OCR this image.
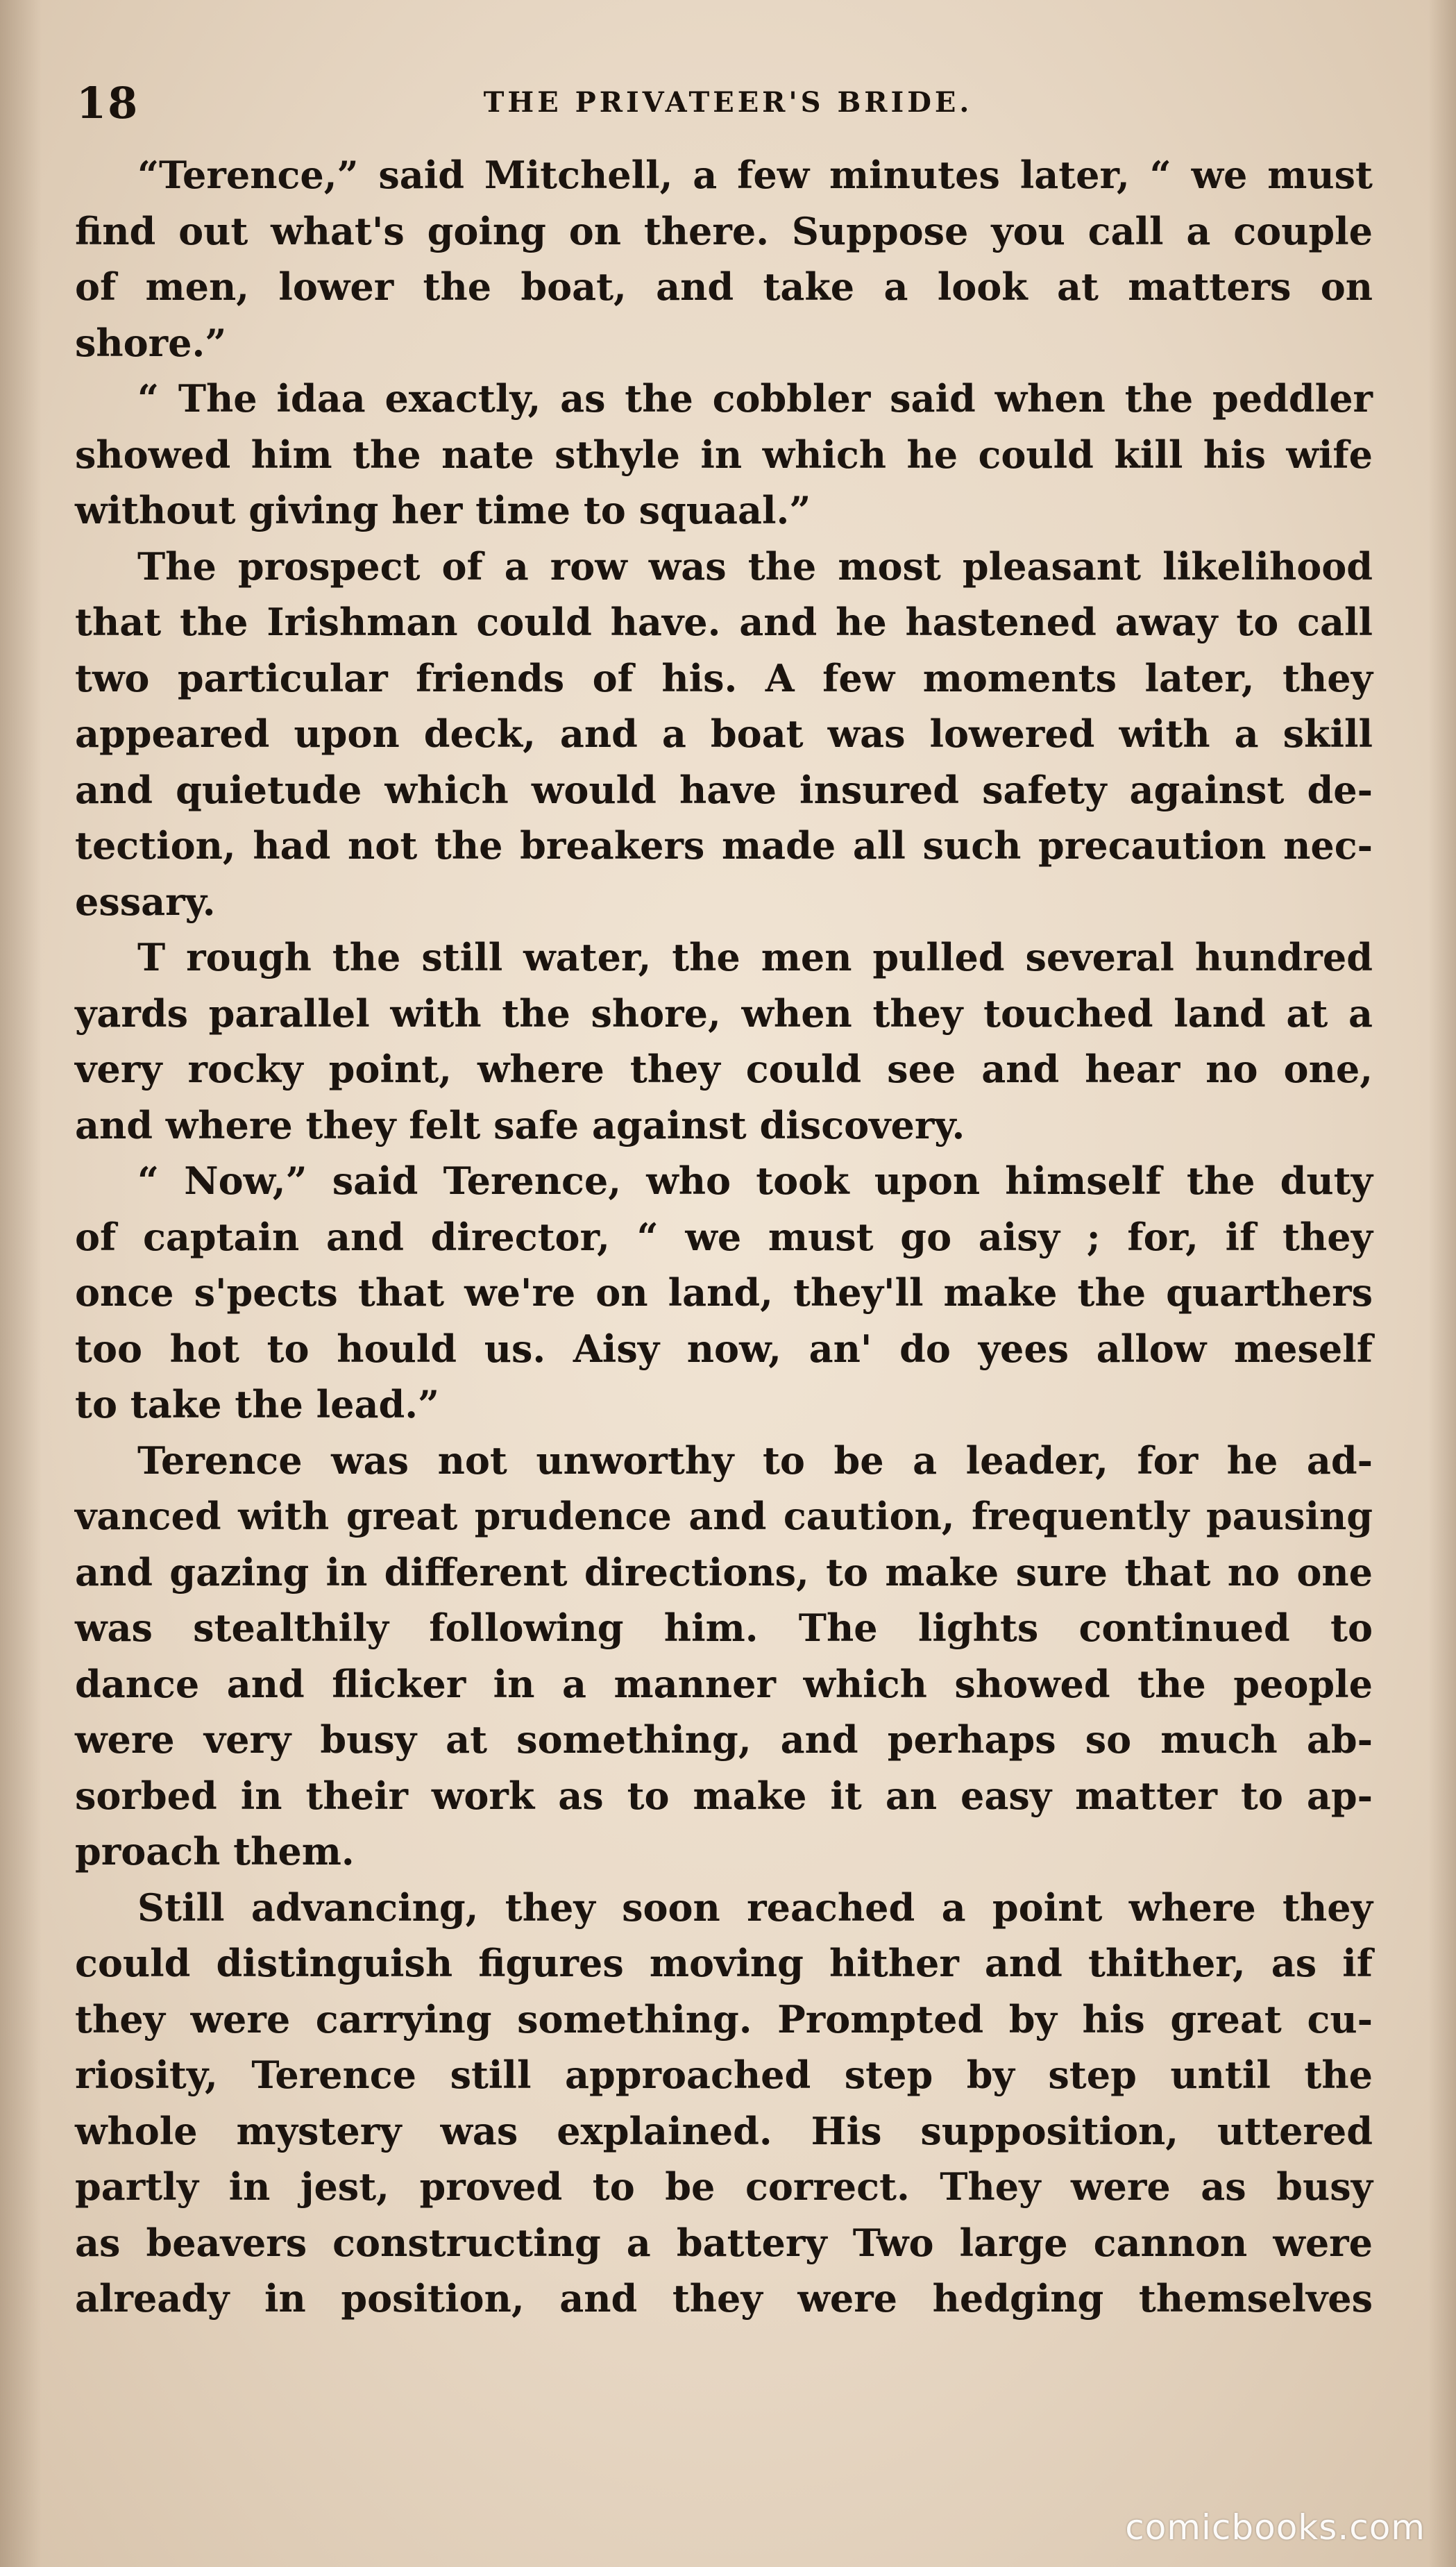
18	THE PRIVATEER'S BRIDE.
“Terence,” said Mitchell, a few minutes later, “ we must
find out what's going on there. Suppose you call a couple
of men, lower the boat, and take a look at matters on
shore.”
“ The idaa exactly, as the cobbler said when the peddler
showed him the nate sthyle in which he could kill his wife
without giving her time to squaal.”
The prospect of a row was the most pleasant likelihood
that the Irishman could have. and he hastened away to call
two particular friends of his. A few moments later, they
appeared upon deck, and a boat was lowered with a skill
and quietude which would have insured safety against de-
tection, had not the breakers made all such precaution nec-
essary.
T rough the still water, the men pulled several hundred
yards parallel with the shore, when they touched land at a
very rocky point, where they could see and hear no one,
and where they felt safe against discovery.
“ Now,” said Terence, who took upon himself the duty
of captain and director, “ we must go aisy ; for, if they
once s'pects that we're on land, they'll make the quarthers
too hot to hould us. Aisy now, an' do yees allow meself
to take the lead.”
Terence was not unworthy to be a leader, for he ad-
vanced with great prudence and caution, frequently pausing
and gazing in different directions, to make sure that no one
was stealthily following him. The lights continued to
dance and flicker in a manner which showed the people
were very busy at something, and perhaps so much ab-
sorbed in their work as to make it an easy matter to ap-
proach them.
Still advancing, they soon reached a point where they
could distinguish figures moving hither and thither, as if
they were carrying something. Prompted by his great cu-
riosity, Terence still approached step by step until the
whole mystery was explained. His supposition, uttered
partly in jest, proved to be correct. They were as busy
as beavers constructing a battery Two large cannon were
already in position, and they were hedging themselves
comicbooks.com
